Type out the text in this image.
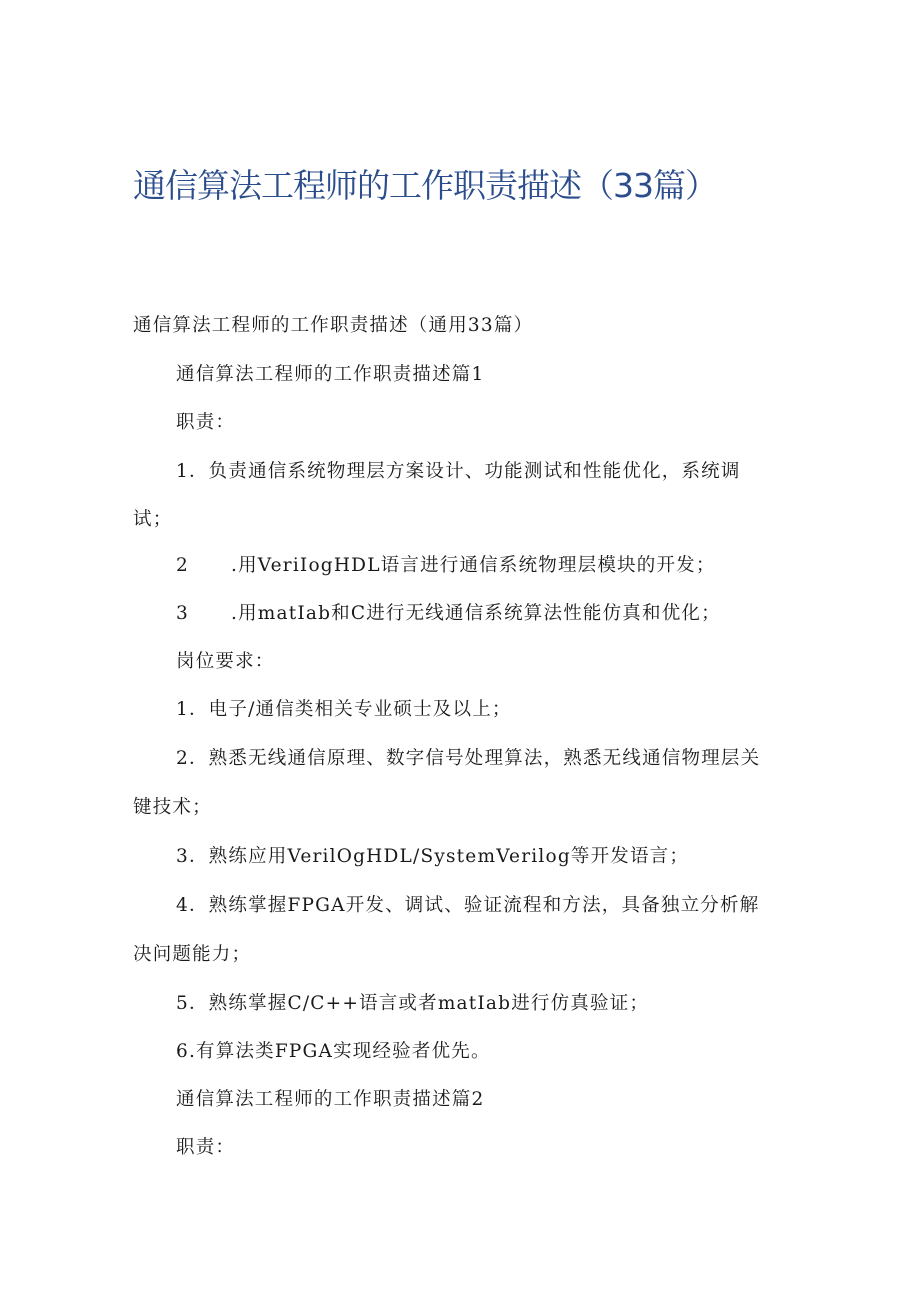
通信算法工程师的工作职责描述（33篇）
通信算法工程师的工作职责描述（通用33篇）
通信算法工程师的工作职责描述篇1
职责：
1．负责通信系统物理层方案设计、功能测试和性能优化，系统调
试；
2 .用VeriIogHDL语言进行通信系统物理层模块的开发；
3 .用matIab和C进行无线通信系统算法性能仿真和优化；
岗位要求：
1．电子/通信类相关专业硕士及以上；
2．熟悉无线通信原理、数字信号处理算法，熟悉无线通信物理层关
键技术；
3．熟练应用VerilOgHDL/SystemVerilog等开发语言；
4．熟练掌握FPGA开发、调试、验证流程和方法，具备独立分析解
决问题能力；
5．熟练掌握C/C++语言或者matIab进行仿真验证；
6.有算法类FPGA实现经验者优先。
通信算法工程师的工作职责描述篇2
职责：
